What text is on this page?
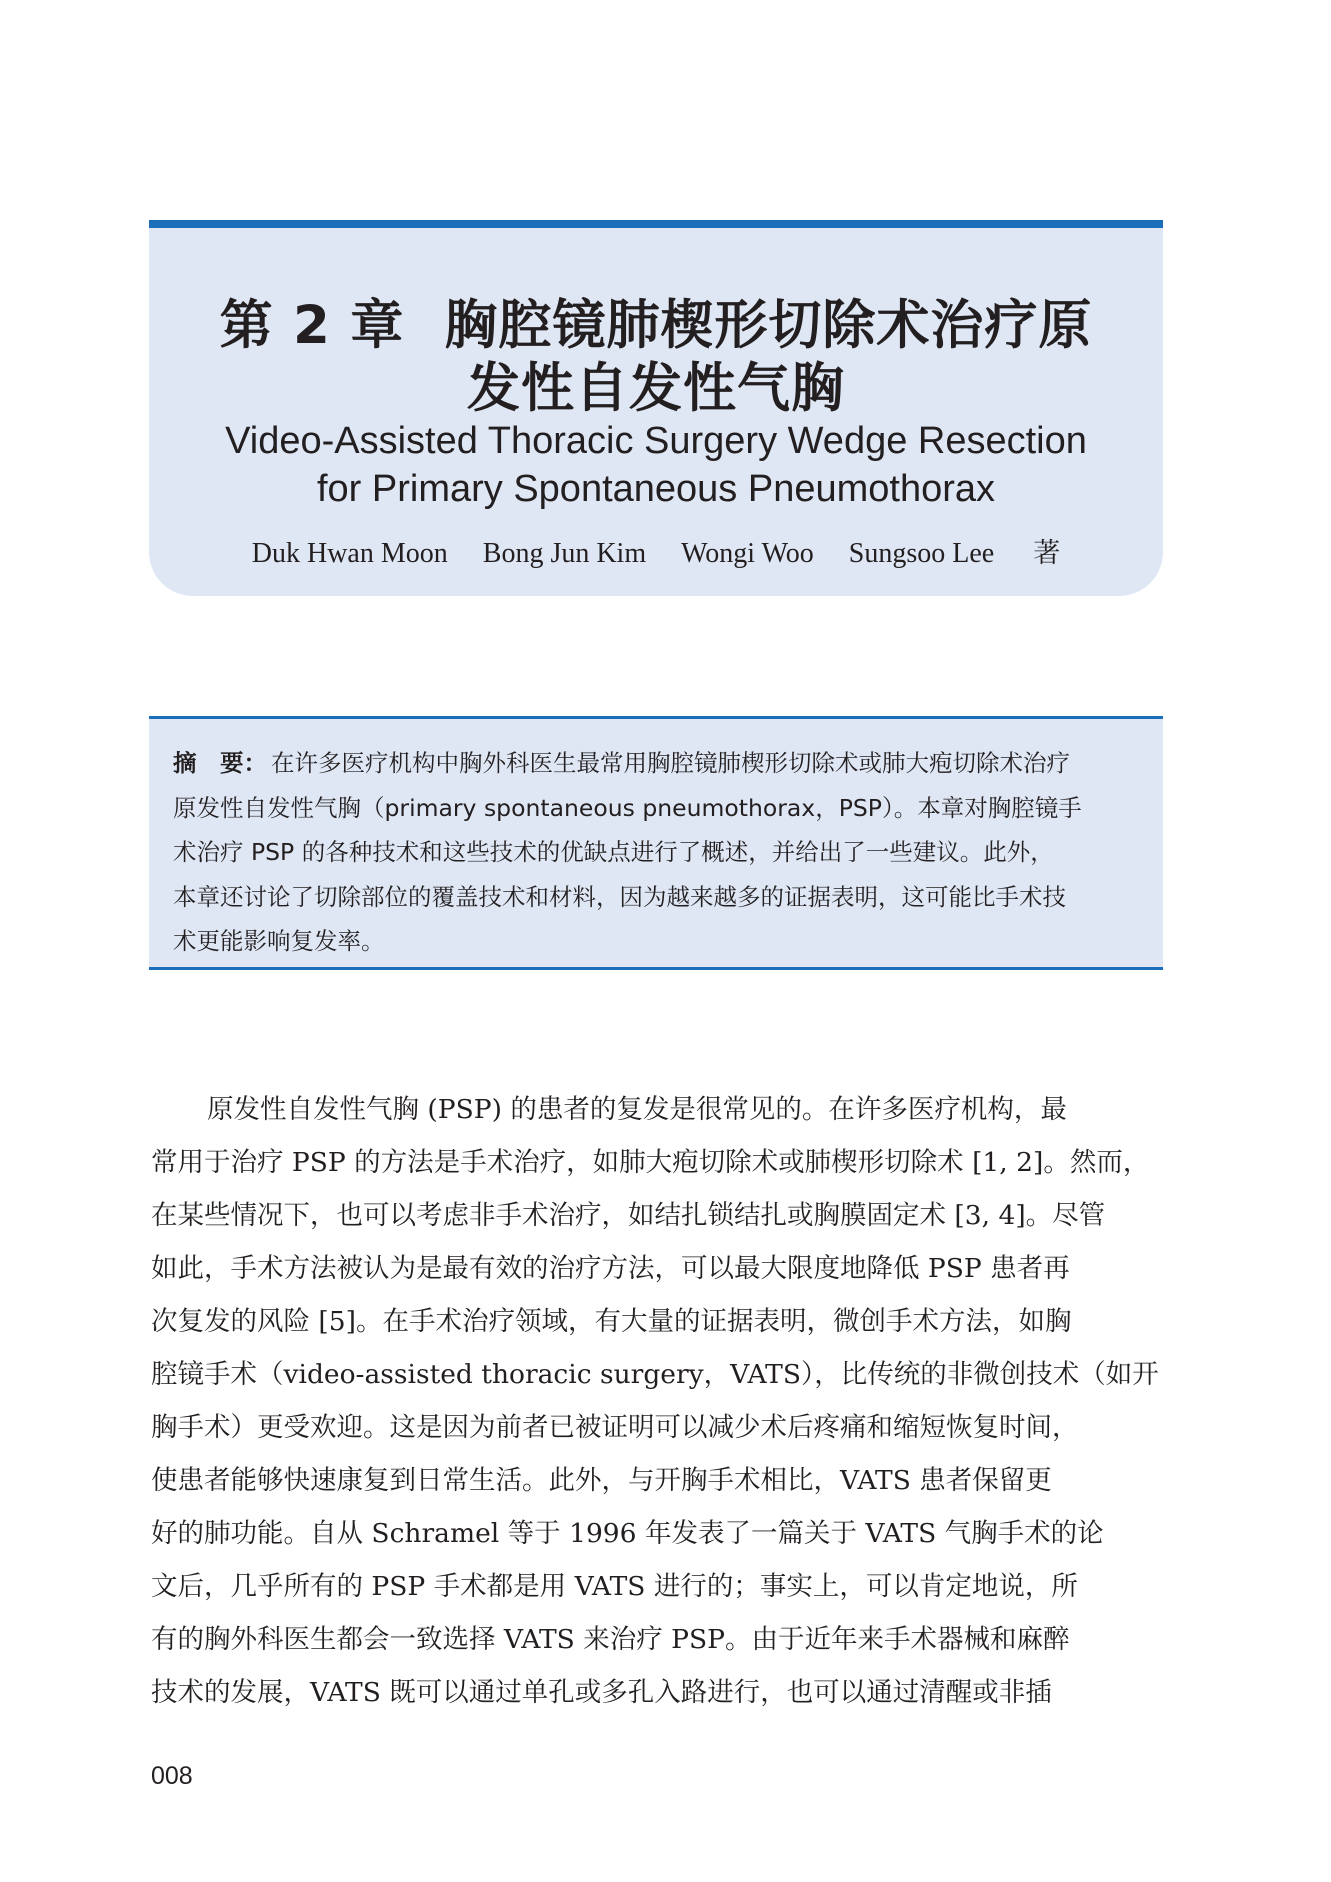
第 2 章 胸腔镜肺楔形切除术治疗原
发性自发性气胸
Video-Assisted Thoracic Surgery Wedge Resection
for Primary Spontaneous Pneumothorax
Duk Hwan Moon Bong Jun Kim Wongi Woo Sungsoo Lee 著
摘　要： 在许多医疗机构中胸外科医生最常用胸腔镜肺楔形切除术或肺大疱切除术治疗
原发性自发性气胸（primary spontaneous pneumothorax，PSP）。本章对胸腔镜手
术治疗 PSP 的各种技术和这些技术的优缺点进行了概述，并给出了一些建议。此外，
本章还讨论了切除部位的覆盖技术和材料，因为越来越多的证据表明，这可能比手术技
术更能影响复发率。
原发性自发性气胸 (PSP) 的患者的复发是很常见的。在许多医疗机构，最
常用于治疗 PSP 的方法是手术治疗，如肺大疱切除术或肺楔形切除术 [1, 2]。然而，
在某些情况下，也可以考虑非手术治疗，如结扎锁结扎或胸膜固定术 [3, 4]。尽管
如此，手术方法被认为是最有效的治疗方法，可以最大限度地降低 PSP 患者再
次复发的风险 [5]。在手术治疗领域，有大量的证据表明，微创手术方法，如胸
腔镜手术（video-assisted thoracic surgery，VATS），比传统的非微创技术（如开
胸手术）更受欢迎。这是因为前者已被证明可以减少术后疼痛和缩短恢复时间，
使患者能够快速康复到日常生活。此外，与开胸手术相比，VATS 患者保留更
好的肺功能。自从 Schramel 等于 1996 年发表了一篇关于 VATS 气胸手术的论
文后，几乎所有的 PSP 手术都是用 VATS 进行的；事实上，可以肯定地说，所
有的胸外科医生都会一致选择 VATS 来治疗 PSP。由于近年来手术器械和麻醉
技术的发展，VATS 既可以通过单孔或多孔入路进行，也可以通过清醒或非插
008
